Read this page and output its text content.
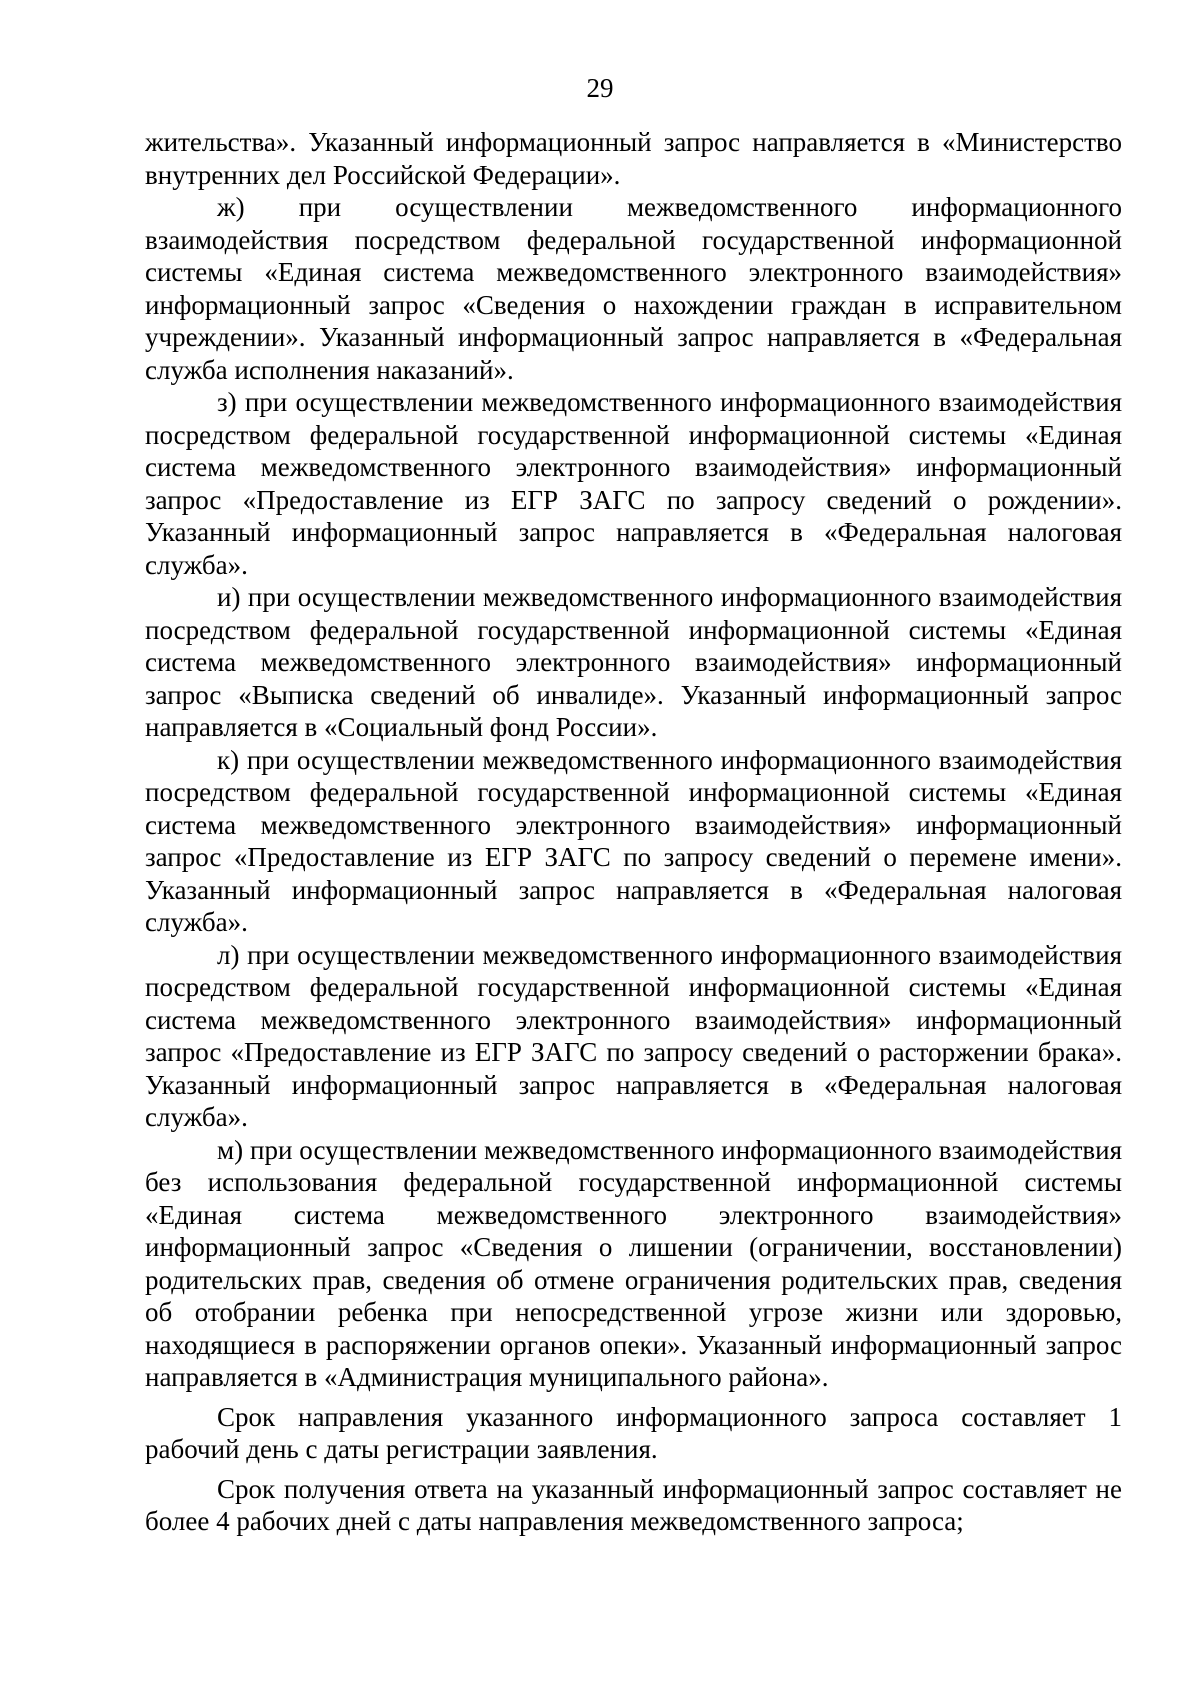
29

жительства». Указанный информационный запрос направляется в «Министерство внутренних дел Российской Федерации».

ж) при осуществлении межведомственного информационного взаимодействия посредством федеральной государственной информационной системы «Единая система межведомственного электронного взаимодействия» информационный запрос «Сведения о нахождении граждан в исправительном учреждении». Указанный информационный запрос направляется в «Федеральная служба исполнения наказаний».

з) при осуществлении межведомственного информационного взаимодействия посредством федеральной государственной информационной системы «Единая система межведомственного электронного взаимодействия» информационный запрос «Предоставление из ЕГР ЗАГС по запросу сведений о рождении». Указанный информационный запрос направляется в «Федеральная налоговая служба».

и) при осуществлении межведомственного информационного взаимодействия посредством федеральной государственной информационной системы «Единая система межведомственного электронного взаимодействия» информационный запрос «Выписка сведений об инвалиде». Указанный информационный запрос направляется в «Социальный фонд России».

к) при осуществлении межведомственного информационного взаимодействия посредством федеральной государственной информационной системы «Единая система межведомственного электронного взаимодействия» информационный запрос «Предоставление из ЕГР ЗАГС по запросу сведений о перемене имени». Указанный информационный запрос направляется в «Федеральная налоговая служба».

л) при осуществлении межведомственного информационного взаимодействия посредством федеральной государственной информационной системы «Единая система межведомственного электронного взаимодействия» информационный запрос «Предоставление из ЕГР ЗАГС по запросу сведений о расторжении брака». Указанный информационный запрос направляется в «Федеральная налоговая служба».

м) при осуществлении межведомственного информационного взаимодействия без использования федеральной государственной информационной системы «Единая система межведомственного электронного взаимодействия» информационный запрос «Сведения о лишении (ограничении, восстановлении) родительских прав, сведения об отмене ограничения родительских прав, сведения об отобрании ребенка при непосредственной угрозе жизни или здоровью, находящиеся в распоряжении органов опеки». Указанный информационный запрос направляется в «Администрация муниципального района».

Срок направления указанного информационного запроса составляет 1 рабочий день с даты регистрации заявления.

Срок получения ответа на указанный информационный запрос составляет не более 4 рабочих дней с даты направления межведомственного запроса;
